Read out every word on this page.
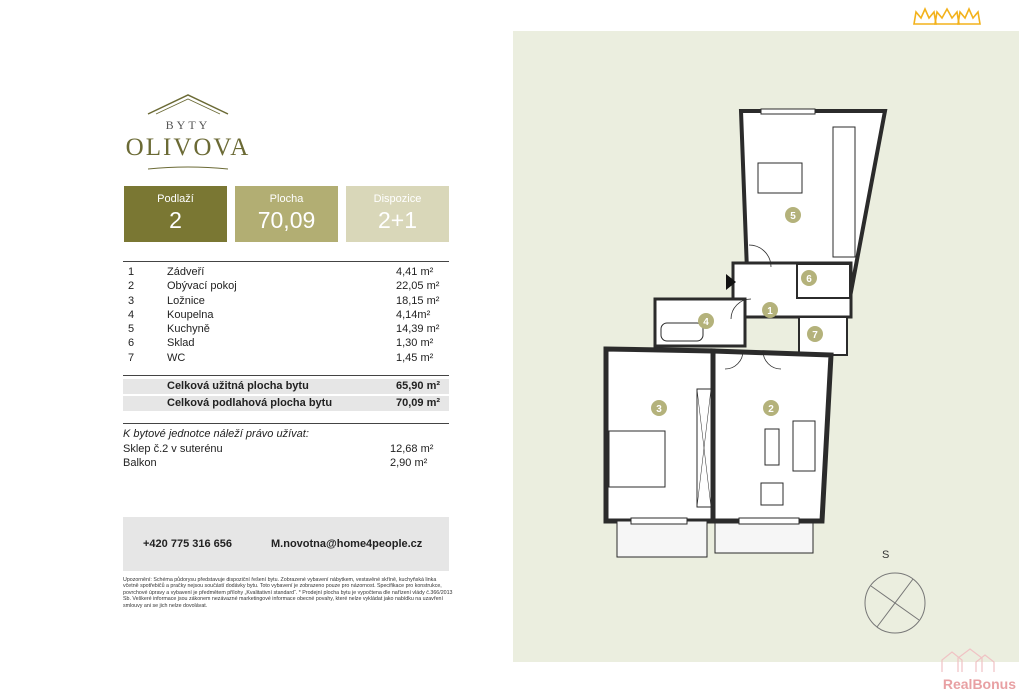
BYTY
OLIVOVA
Podlaží
2
Plocha
70,09
Dispozice
2+1
1	Zádveří	4,41 m²
2	Obývací pokoj	22,05 m²
3	Ložnice	18,15 m²
4	Koupelna	4,14m²
5	Kuchyně	14,39 m²
6	Sklad	1,30 m²
7	WC	1,45 m²
Celková užitná plocha bytu	65,90 m²
Celková podlahová plocha bytu	70,09 m²
K bytové jednotce náleží právo užívat:
Sklep č.2 v suterénu	12,68 m²
Balkon	2,90 m²
+420 775 316 656	M.novotna@home4people.cz
Upozornění: Schéma půdorysu představuje dispoziční řešení bytu. Zobrazené vybavení nábytkem, vestavěné skříně, kuchyňská linka včetně spotřebičů a pračky nejsou součástí dodávky bytu. Toto vybavení je zobrazeno pouze pro názornost. Specifikace pro konstrukce, povrchové úpravy a vybavení je předmětem přílohy „Kvalitativní standard“. * Prodejní plocha bytu je vypočtena dle nařízení vlády č.366/2013 Sb. Veškeré informace jsou zákonem nezávazné marketingové informace obecné povahy, které nelze vykládat jako nabídku na uzavření smlouvy ani se jich nelze dovolávat.
5
6
1
4
7
3	2
S
RealBonus
